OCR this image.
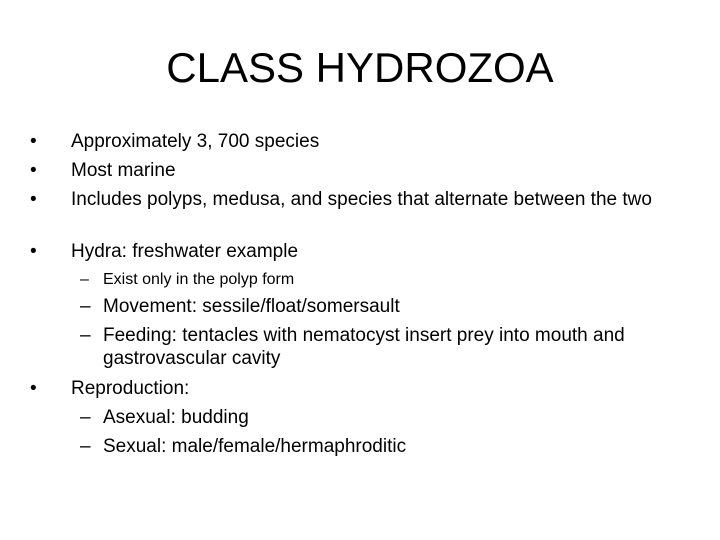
CLASS HYDROZOA
• Approximately 3, 700 species
• Most marine
• Includes polyps, medusa, and species that alternate between the two
• Hydra: freshwater example
– Exist only in the polyp form
– Movement: sessile/float/somersault
– Feeding: tentacles with nematocyst insert prey into mouth and gastrovascular cavity
• Reproduction:
– Asexual: budding
– Sexual: male/female/hermaphroditic
